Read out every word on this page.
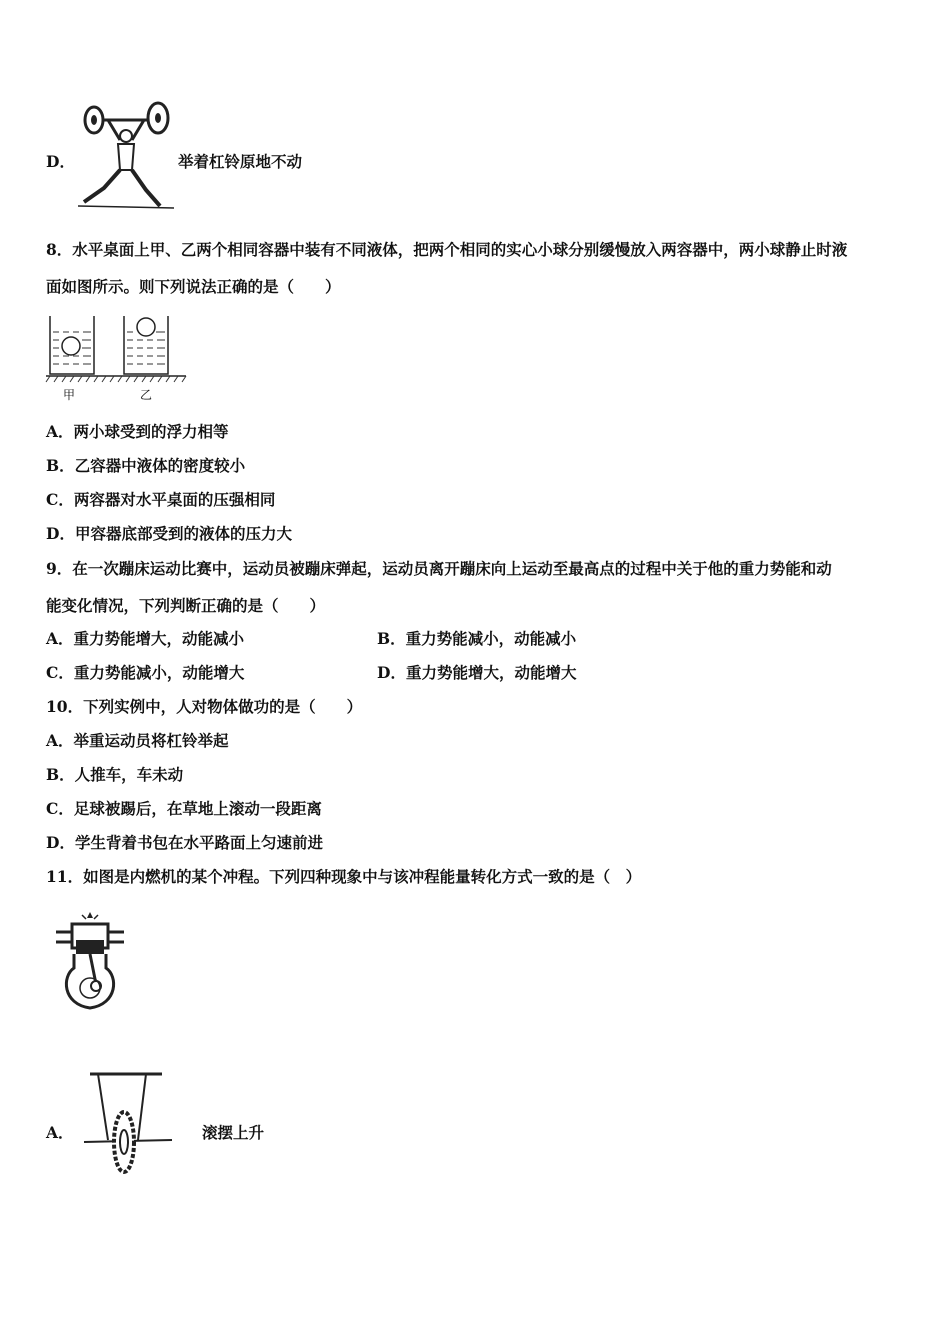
D．	举着杠铃原地不动
8．水平桌面上甲、乙两个相同容器中装有不同液体，把两个相同的实心小球分别缓慢放入两容器中，两小球静止时液
面如图所示。则下列说法正确的是（　　）
甲	乙
A．两小球受到的浮力相等
B．乙容器中液体的密度较小
C．两容器对水平桌面的压强相同
D．甲容器底部受到的液体的压力大
9．在一次蹦床运动比赛中，运动员被蹦床弹起，运动员离开蹦床向上运动至最高点的过程中关于他的重力势能和动
能变化情况，下列判断正确的是（　　）
A．重力势能增大，动能减小	B．重力势能减小，动能减小
C．重力势能减小，动能增大	D．重力势能增大，动能增大
10．下列实例中，人对物体做功的是（　　）
A．举重运动员将杠铃举起
B．人推车，车未动
C．足球被踢后，在草地上滚动一段距离
D．学生背着书包在水平路面上匀速前进
11．如图是内燃机的某个冲程。下列四种现象中与该冲程能量转化方式一致的是（　）
A．	滚摆上升
